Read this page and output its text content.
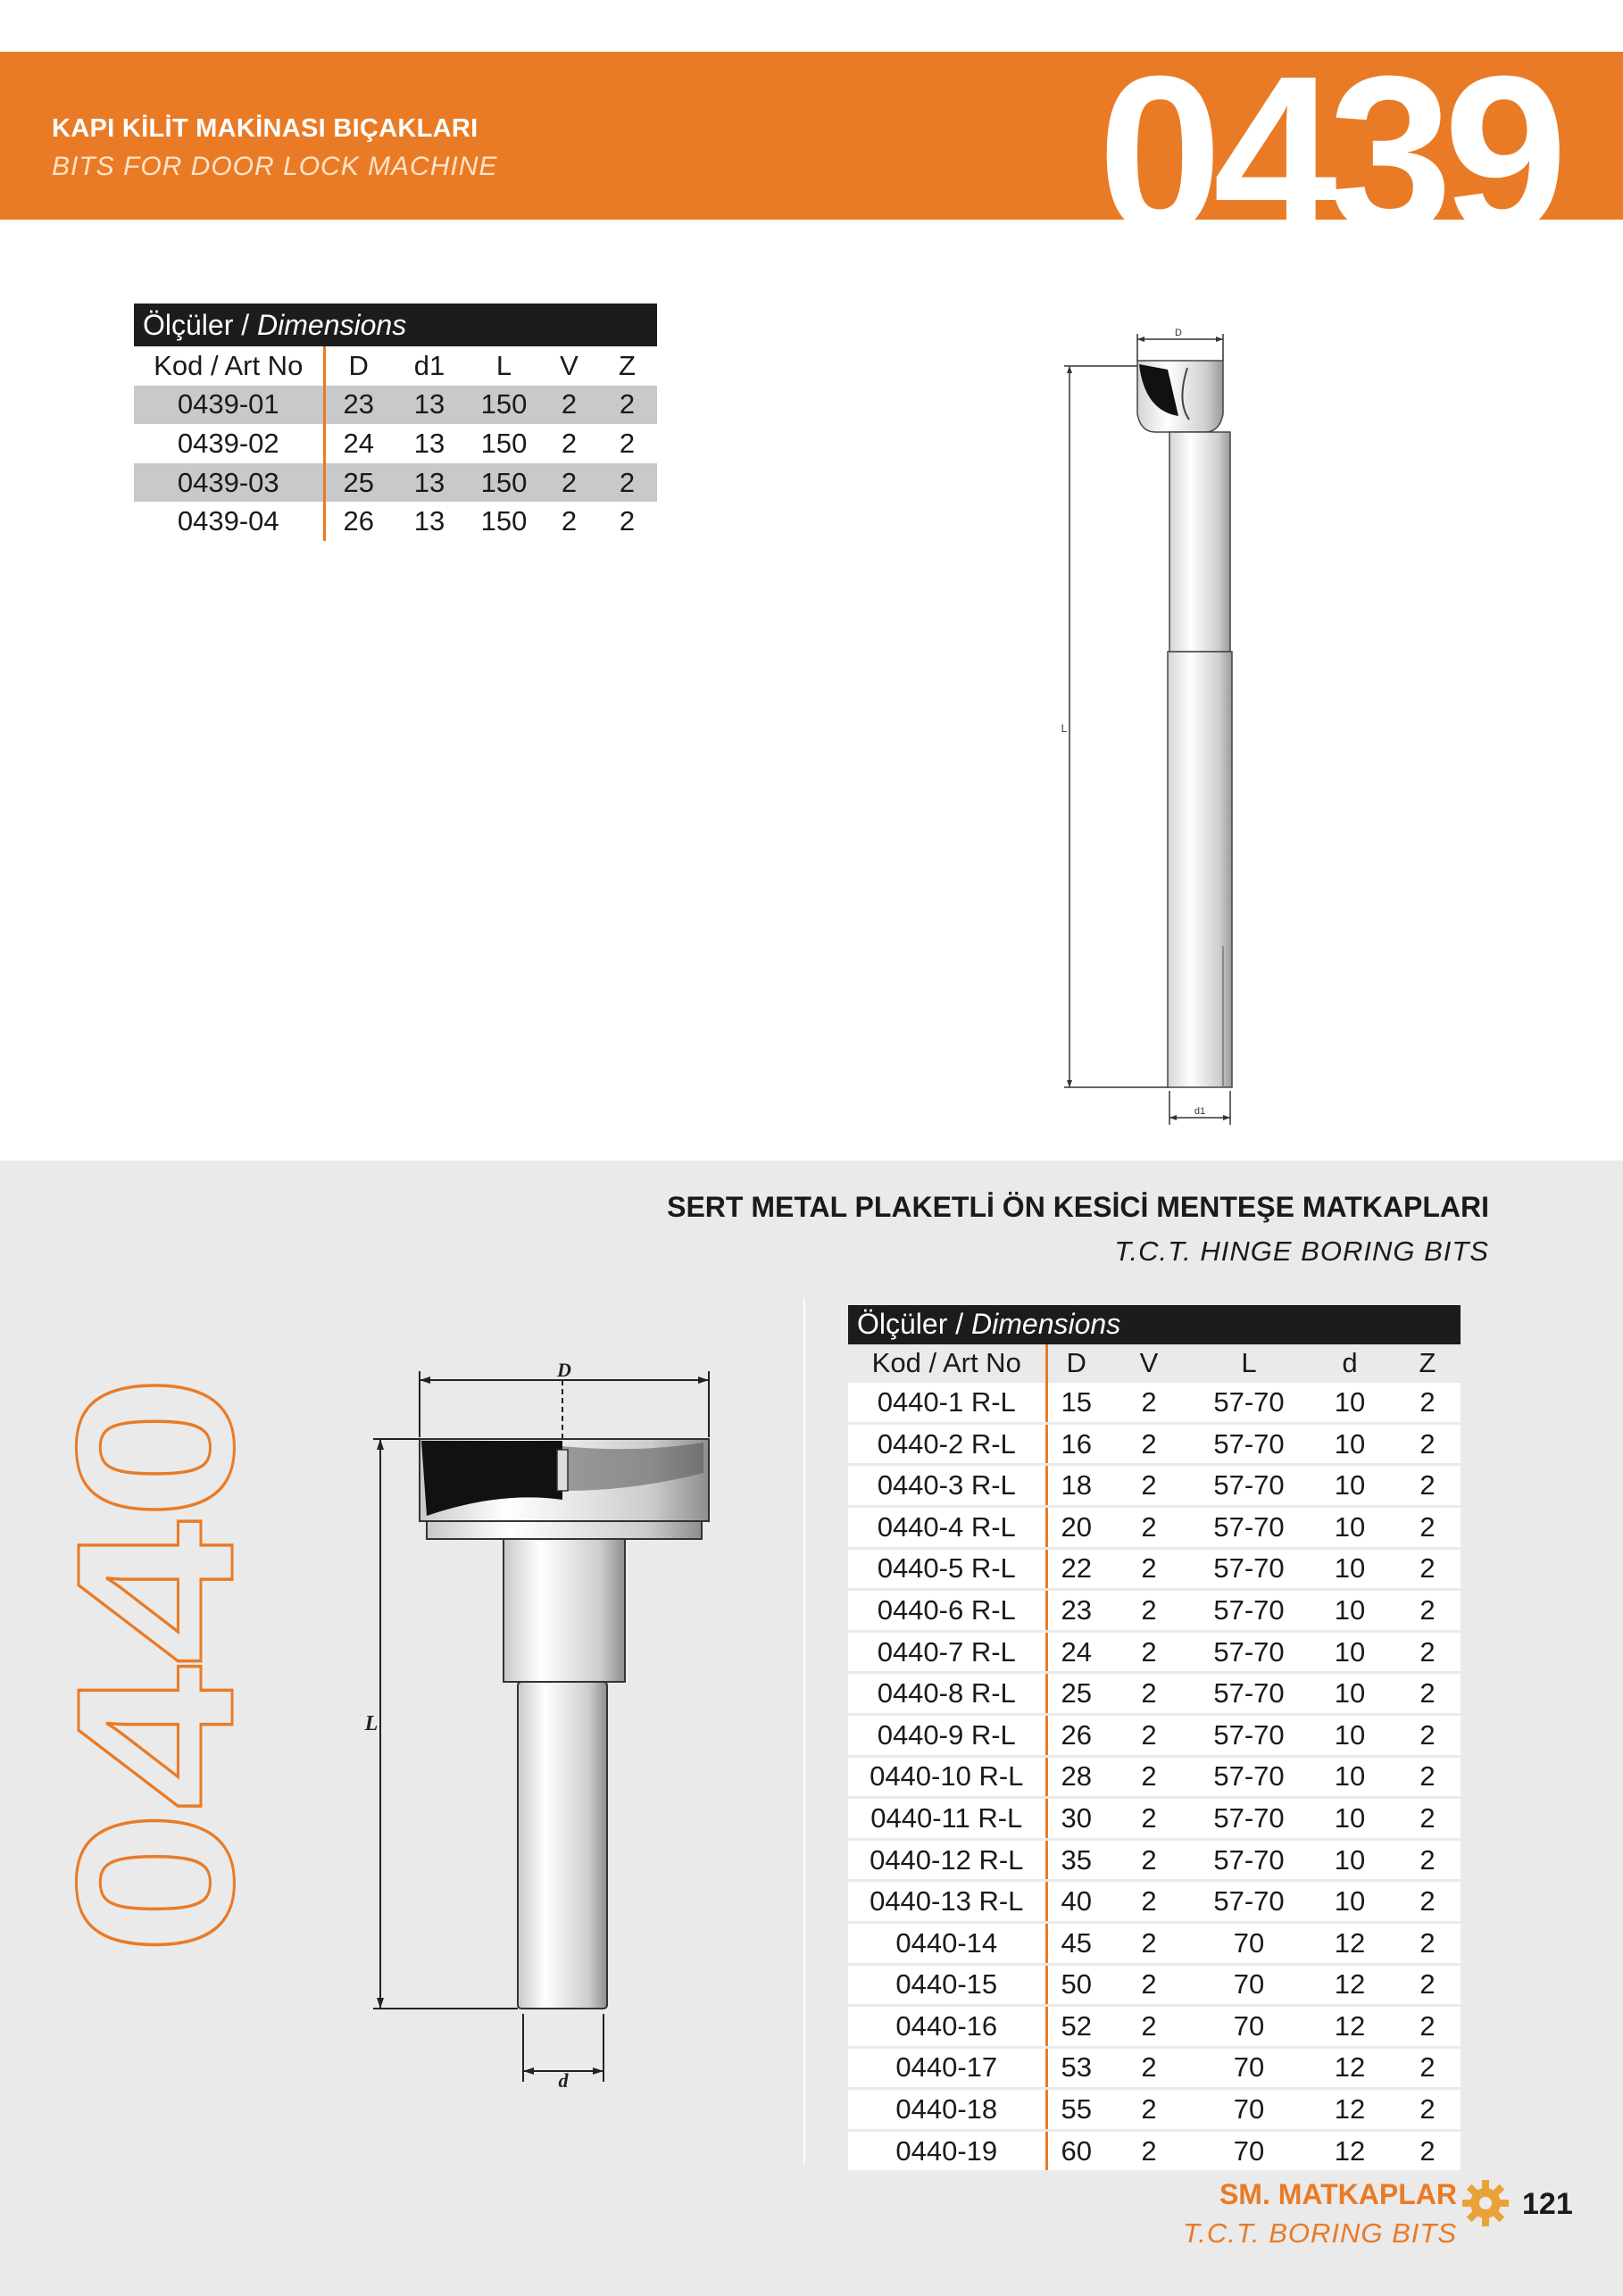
KAPI KİLİT MAKİNASI BIÇAKLARI
BITS FOR DOOR LOCK MACHINE	0439
Ölçüler / Dimensions					
Kod / Art No	D	d1	L	V	Z
0439-01	23	13	150	2	2
0439-02	24	13	150	2	2
0439-03	25	13	150	2	2
0439-04	26	13	150	2	2
D
L
d1
SERT METAL PLAKETLİ ÖN KESİCİ MENTEŞE MATKAPLARI
T.C.T. HINGE BORING BITS
0440
D
L
d
Ölçüler / Dimensions					
Kod / Art No	D	V	L	d	Z
0440-1 R-L	15	2	57-70	10	2
0440-2 R-L	16	2	57-70	10	2
0440-3 R-L	18	2	57-70	10	2
0440-4 R-L	20	2	57-70	10	2
0440-5 R-L	22	2	57-70	10	2
0440-6 R-L	23	2	57-70	10	2
0440-7 R-L	24	2	57-70	10	2
0440-8 R-L	25	2	57-70	10	2
0440-9 R-L	26	2	57-70	10	2
0440-10 R-L	28	2	57-70	10	2
0440-11 R-L	30	2	57-70	10	2
0440-12 R-L	35	2	57-70	10	2
0440-13 R-L	40	2	57-70	10	2
0440-14	45	2	70	12	2
0440-15	50	2	70	12	2
0440-16	52	2	70	12	2
0440-17	53	2	70	12	2
0440-18	55	2	70	12	2
0440-19	60	2	70	12	2
SM. MATKAPLAR
T.C.T. BORING BITS
121
